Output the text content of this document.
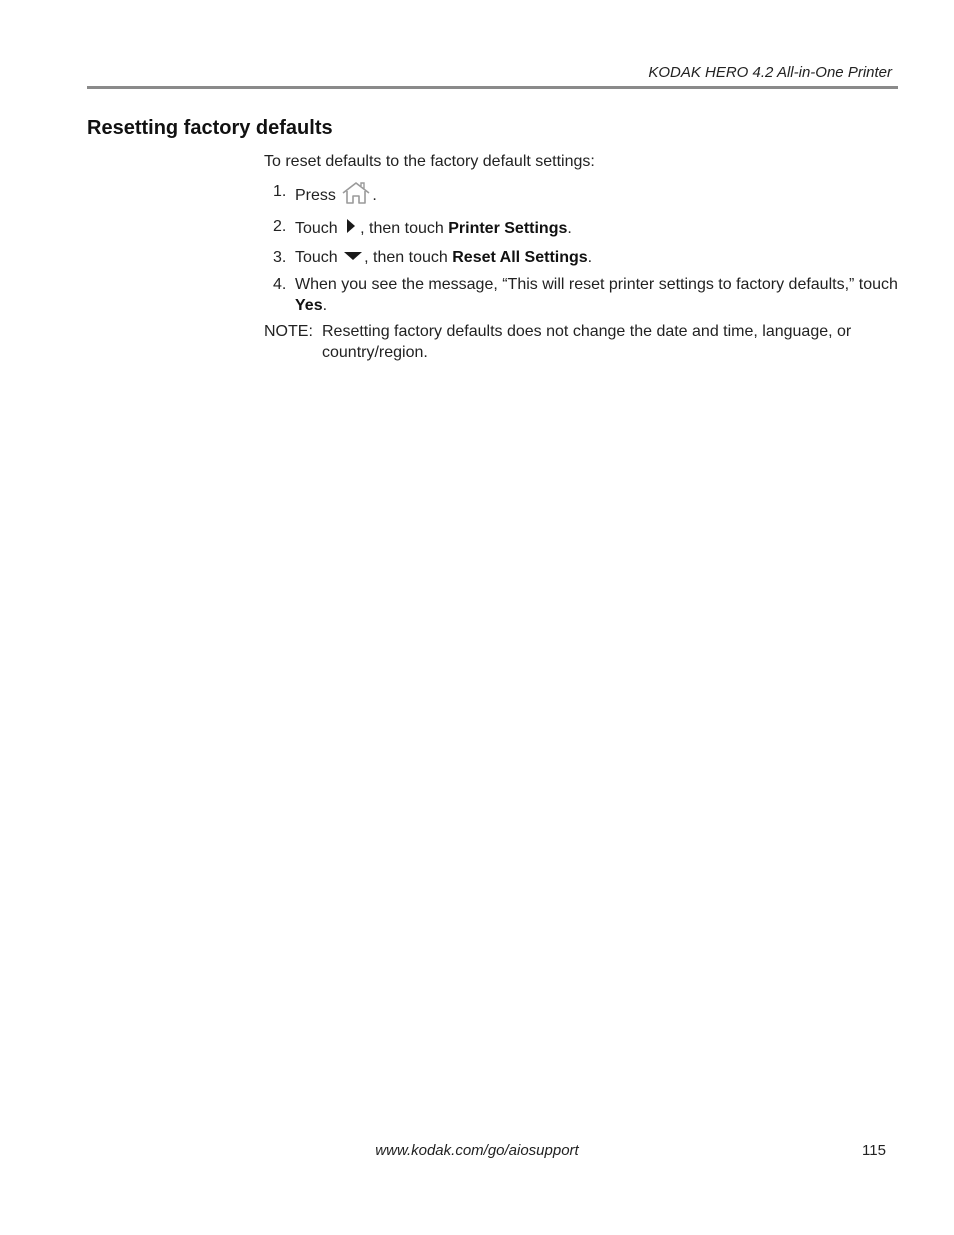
KODAK HERO 4.2 All-in-One Printer
Resetting factory defaults

To reset defaults to the factory default settings:

1. Press .
2. Touch , then touch Printer Settings.
3. Touch , then touch Reset All Settings.
4. When you see the message, “This will reset printer settings to factory defaults,” touch Yes.
NOTE: Resetting factory defaults does not change the date and time, language, or country/region.
www.kodak.com/go/aiosupport	115
